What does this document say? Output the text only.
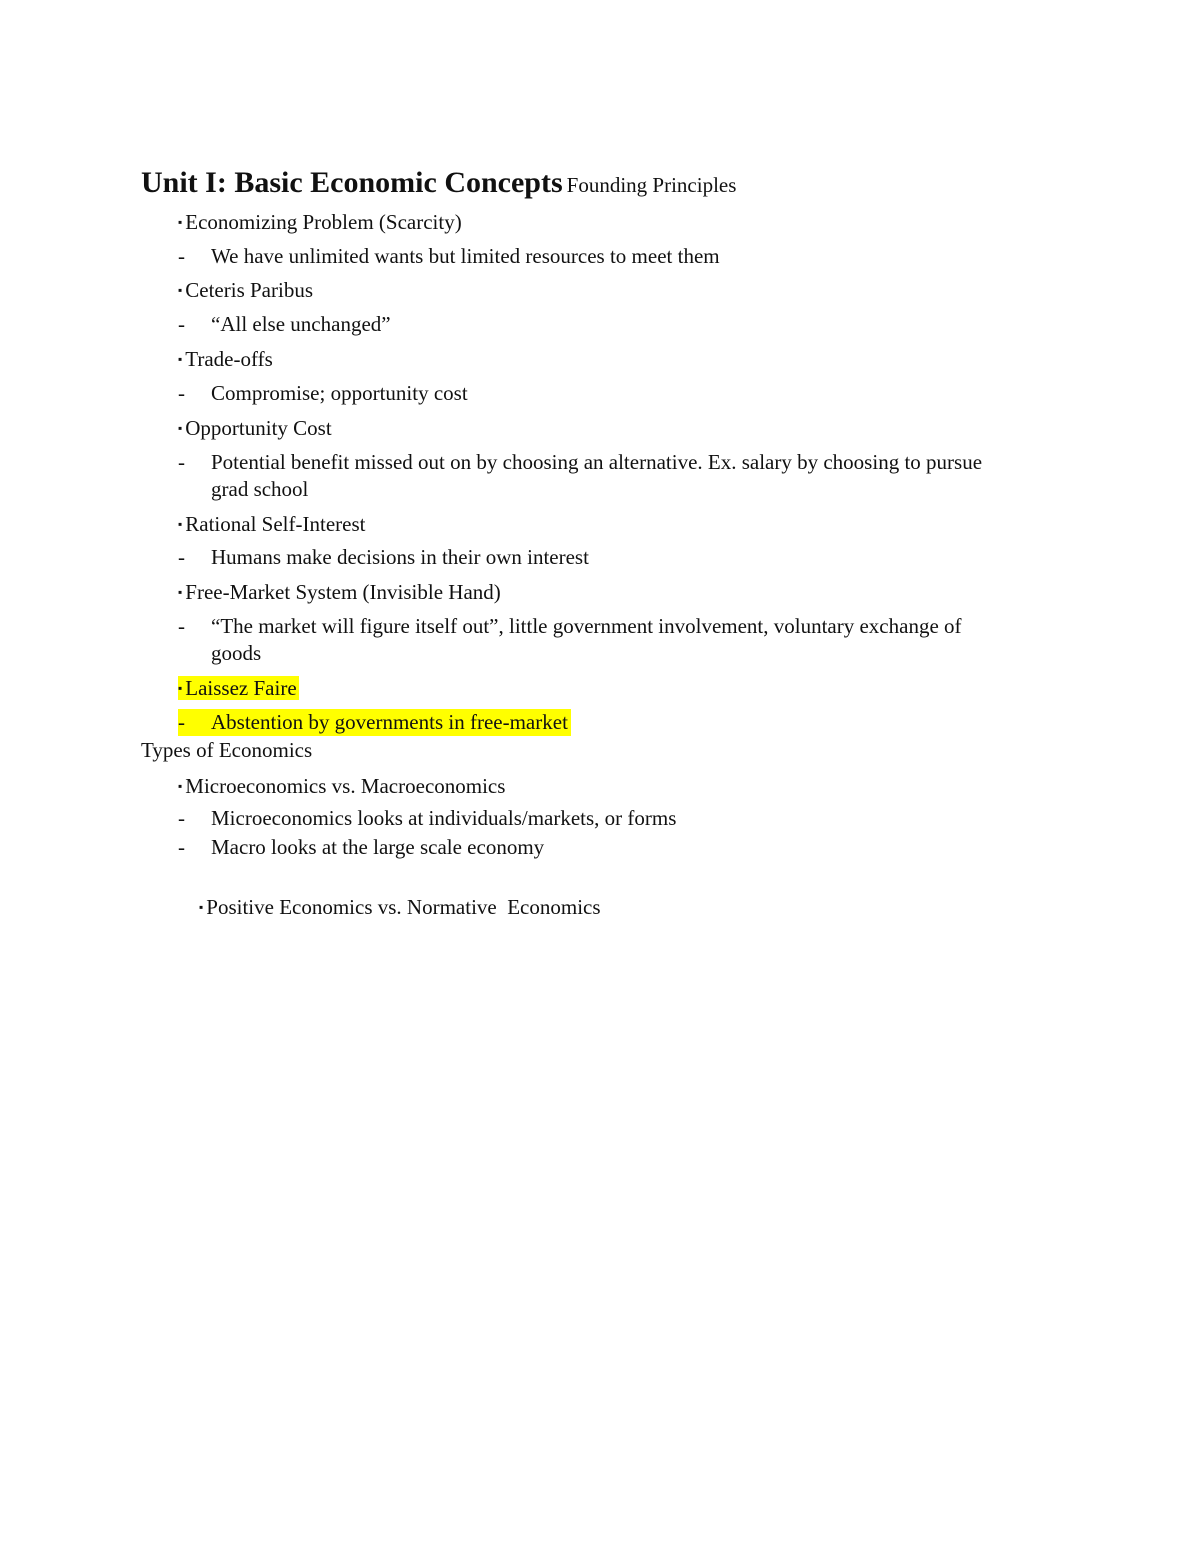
Unit I: Basic Economic Concepts Founding Principles
▪ Economizing Problem (Scarcity)
- We have unlimited wants but limited resources to meet them
▪ Ceteris Paribus
- “All else unchanged”
▪ Trade-offs
- Compromise; opportunity cost
▪ Opportunity Cost
- Potential benefit missed out on by choosing an alternative. Ex. salary by choosing to pursue grad school
▪ Rational Self-Interest
- Humans make decisions in their own interest
▪ Free-Market System (Invisible Hand)
- “The market will figure itself out”, little government involvement, voluntary exchange of goods
▪ Laissez Faire
- Abstention by governments in free-market
Types of Economics
▪ Microeconomics vs. Macroeconomics
- Microeconomics looks at individuals/markets, or forms
- Macro looks at the large scale economy

▪ Positive Economics vs. Normative  Economics
